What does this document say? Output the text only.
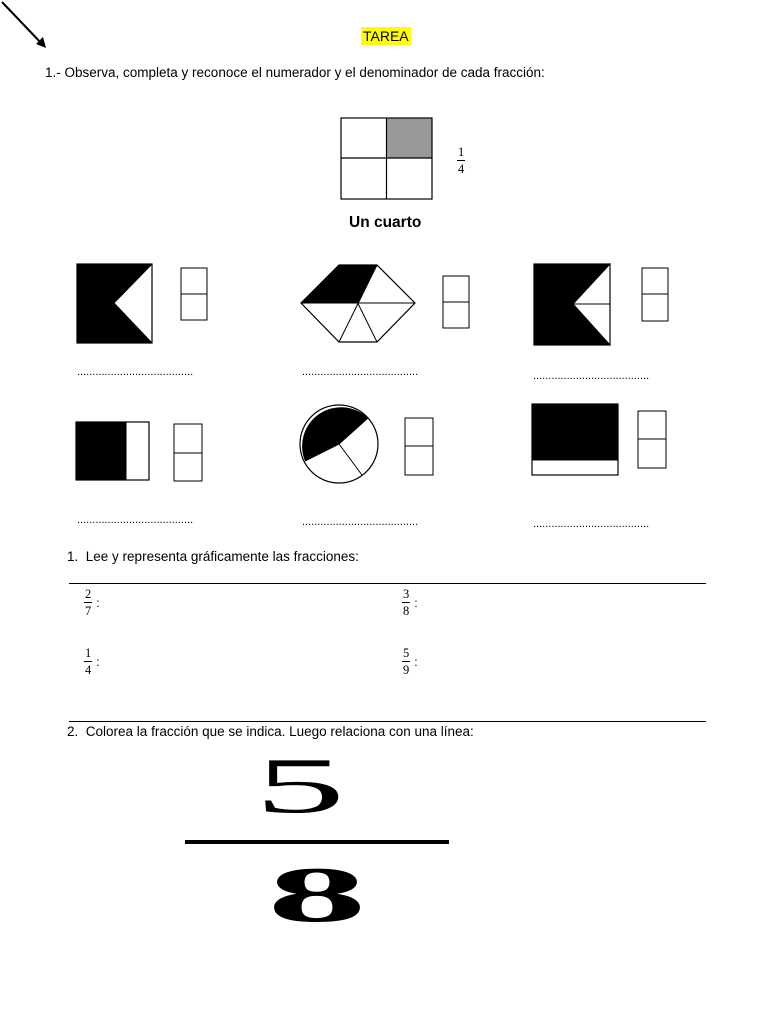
TAREA
1.- Observa, completa y reconoce el numerador y el denominador de cada fracción:
$\frac{1}{4}$
Un cuarto
......................................	......................................	......................................
......................................	......................................	......................................
1. Lee y representa gráficamente las fracciones:
$\frac{2}{7}$ :	$\frac{3}{8}$ :
$\frac{1}{4}$ :	$\frac{5}{9}$ :
2. Colorea la fracción que se indica. Luego relaciona con una línea:
5
8
